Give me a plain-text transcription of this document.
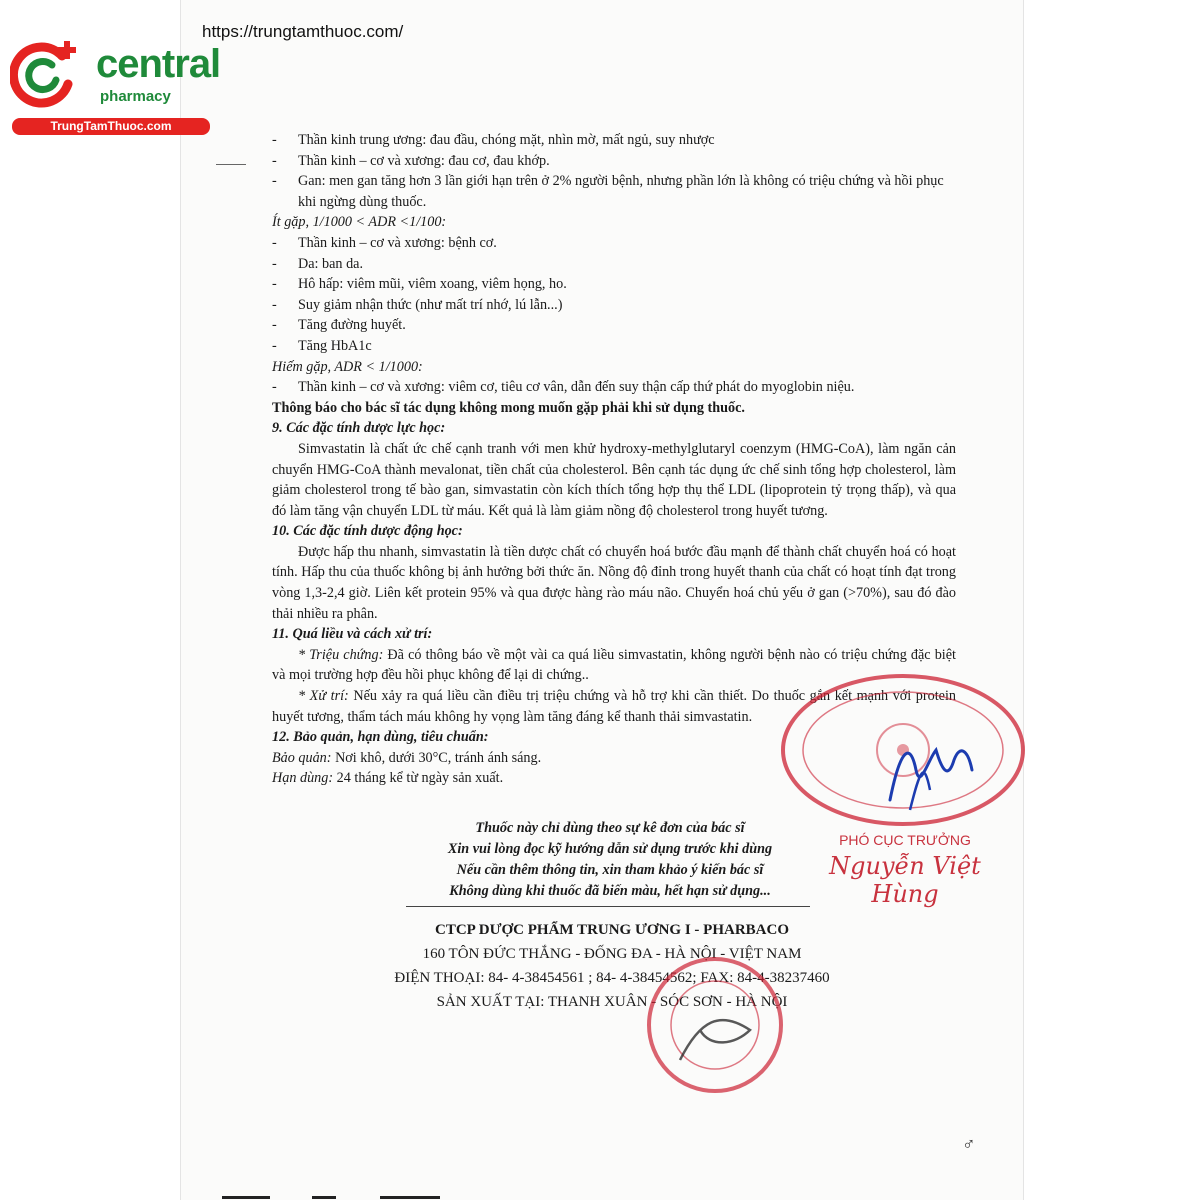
https://trungtamthuoc.com/
central
pharmacy
TrungTamThuoc.com
- Thần kinh trung ương: đau đầu, chóng mặt, nhìn mờ, mất ngủ, suy nhược
- Thần kinh – cơ và xương: đau cơ, đau khớp.
- Gan: men gan tăng hơn 3 lần giới hạn trên ở 2% người bệnh, nhưng phần lớn là không có triệu chứng và hồi phục khi ngừng dùng thuốc.
Ít gặp, 1/1000 < ADR <1/100:
- Thần kinh – cơ và xương: bệnh cơ.
- Da: ban da.
- Hô hấp: viêm mũi, viêm xoang, viêm họng, ho.
- Suy giảm nhận thức (như mất trí nhớ, lú lẫn...)
- Tăng đường huyết.
- Tăng HbA1c
Hiếm gặp, ADR < 1/1000:
- Thần kinh – cơ và xương: viêm cơ, tiêu cơ vân, dẫn đến suy thận cấp thứ phát do myoglobin niệu.
Thông báo cho bác sĩ tác dụng không mong muốn gặp phải khi sử dụng thuốc.
9. Các đặc tính dược lực học:
Simvastatin là chất ức chế cạnh tranh với men khử hydroxy-methylglutaryl coenzym (HMG-CoA), làm ngăn cản chuyển HMG-CoA thành mevalonat, tiền chất của cholesterol. Bên cạnh tác dụng ức chế sinh tổng hợp cholesterol, làm giảm cholesterol trong tế bào gan, simvastatin còn kích thích tổng hợp thụ thể LDL (lipoprotein tỷ trọng thấp), và qua đó làm tăng vận chuyển LDL từ máu. Kết quả là làm giảm nồng độ cholesterol trong huyết tương.
10. Các đặc tính dược động học:
Được hấp thu nhanh, simvastatin là tiền dược chất có chuyển hoá bước đầu mạnh để thành chất chuyển hoá có hoạt tính. Hấp thu của thuốc không bị ảnh hưởng bởi thức ăn. Nồng độ đỉnh trong huyết thanh của chất có hoạt tính đạt trong vòng 1,3-2,4 giờ. Liên kết protein 95% và qua được hàng rào máu não. Chuyển hoá chủ yếu ở gan (>70%), sau đó đào thải nhiều ra phân.
11. Quá liều và cách xử trí:
* Triệu chứng: Đã có thông báo về một vài ca quá liều simvastatin, không người bệnh nào có triệu chứng đặc biệt và mọi trường hợp đều hồi phục không để lại di chứng..
* Xử trí: Nếu xảy ra quá liều cần điều trị triệu chứng và hỗ trợ khi cần thiết. Do thuốc gắn kết mạnh với protein huyết tương, thẩm tách máu không hy vọng làm tăng đáng kể thanh thải simvastatin.
12. Bảo quản, hạn dùng, tiêu chuẩn:
Bảo quản: Nơi khô, dưới 30°C, tránh ánh sáng.
Hạn dùng: 24 tháng kể từ ngày sản xuất.
Thuốc này chỉ dùng theo sự kê đơn của bác sĩ
Xin vui lòng đọc kỹ hướng dẫn sử dụng trước khi dùng
Nếu cần thêm thông tin, xin tham khảo ý kiến bác sĩ
Không dùng khi thuốc đã biến màu, hết hạn sử dụng...
CTCP DƯỢC PHẨM TRUNG ƯƠNG I - PHARBACO
160 TÔN ĐỨC THẮNG - ĐỐNG ĐA - HÀ NỘI - VIỆT NAM
ĐIỆN THOẠI: 84- 4-38454561 ; 84- 4-38454562; FAX: 84-4-38237460
SẢN XUẤT TẠI: THANH XUÂN - SÓC SƠN - HÀ NỘI
PHÓ CỤC TRƯỞNG
Nguyễn Việt Hùng
♂
